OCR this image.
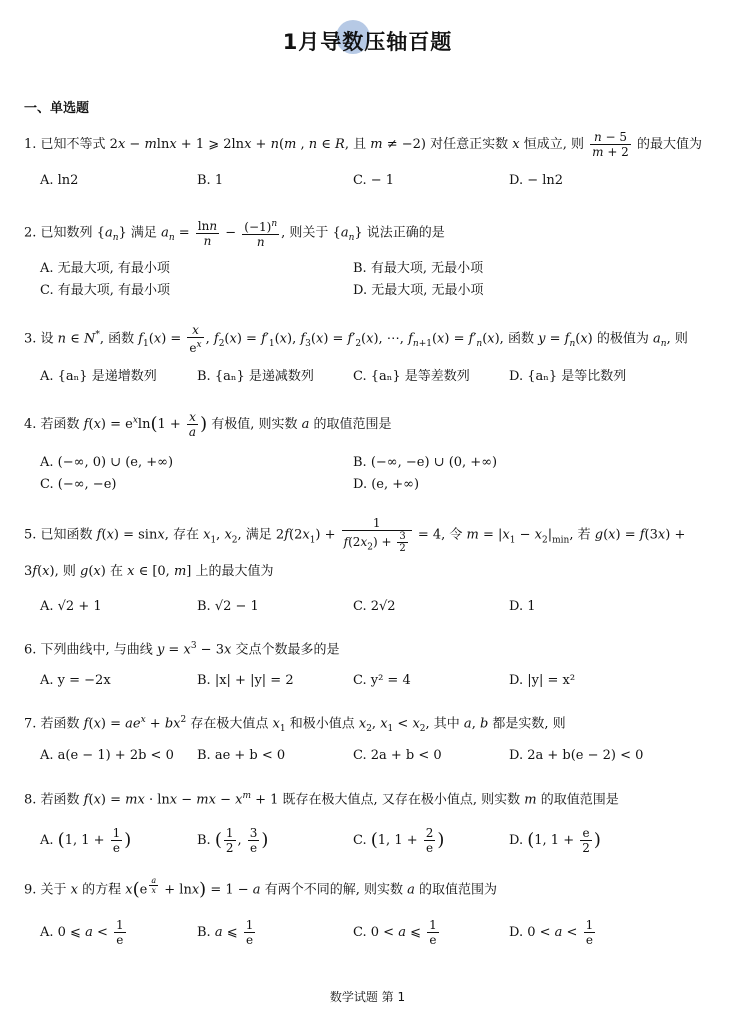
1月导数压轴百题
一、单选题
1. 已知不等式 2x − mlnx + 1 ⩾ 2lnx + n(m , n ∈ R, 且 m ≠ −2) 对任意正实数 x 恒成立, 则 $\frac{n - 5}{m + 2}$ 的最大值为
A. ln2	B. 1	C. − 1	D. − ln2
2. 已知数列 $\{a_n\}$ 满足 $a_n = \frac{\ln n}{n} - \frac{(-1)^n}{n}$ , 则关于 $\{a_n\}$ 说法正确的是
A. 无最大项, 有最小项	B. 有最大项, 无最小项
C. 有最大项, 有最小项	D. 无最大项, 无最小项
3. 设 n ∈ N*, 函数 $f_1(x) = \frac{x}{e^x}$ , $f_2(x) = f'_1(x)$, $f_3(x) = f'_2(x)$, ⋯, $f_{n+1}(x) = f'_n(x)$, 函数 $y = f_n(x)$ 的极值为 $a_n$, 则
A. {aₙ} 是递增数列	B. {aₙ} 是递减数列	C. {aₙ} 是等差数列	D. {aₙ} 是等比数列
4. 若函数 $f(x) = e^x\ln(1 + \frac{x}{a}$ ) 有极值, 则实数 a 的取值范围是
A. (−∞, 0) ∪ (e, +∞)	B. (−∞, −e) ∪ (0, +∞)
C. (−∞, −e)	D. (e, +∞)
5. 已知函数 f(x) = sinx, 存在 $x_1$, $x_2$, 满足 $2f(2x_1) + \frac{1}{f(2x_2) + \frac{3}{2}} = 4$, 令 $m = |x_1 - x_2|_{min}$, 若 g(x) = f(3x) +
3f(x), 则 g(x) 在 x ∈ [0, m] 上的最大值为
A. √2 + 1	B. √2 − 1	C. 2√2	D. 1
6. 下列曲线中, 与曲线 $y = x^3 - 3x$ 交点个数最多的是
A. y = −2x	B. |x| + |y| = 2	C. y² = 4	D. |y| = x²
7. 若函数 $f(x) = ae^x + bx^2$ 存在极大值点 $x_1$ 和极小值点 $x_2$, $x_1 < x_2$, 其中 a, b 都是实数, 则
A. a(e − 1) + 2b < 0 B. ae + b < 0	C. 2a + b < 0	D. 2a + b(e − 2) < 0
8. 若函数 f(x) = mx · lnx − mx − $x^m + 1$ 既存在极大值点, 又存在极小值点, 则实数 m 的取值范围是
A. (1, $1 + \frac{1}{e}$ )	B. ( $\frac{1}{2}$ , $\frac{3}{e}$ )	C. (1, $1 + \frac{2}{e}$ )	D. (1, $1 + \frac{e}{2}$ )
9. 关于 x 的方程 x(e $^{\frac{a}{x}}$ + lnx) = 1 − a 有两个不同的解, 则实数 a 的取值范围为
A. 0 ⩽ $a < \frac{1}{e}$	B. a ⩽ $\frac{1}{e}$	C. 0 < a ⩽ $\frac{1}{e}$	D. $0 < a < \frac{1}{e}$
数学试题 第 1
